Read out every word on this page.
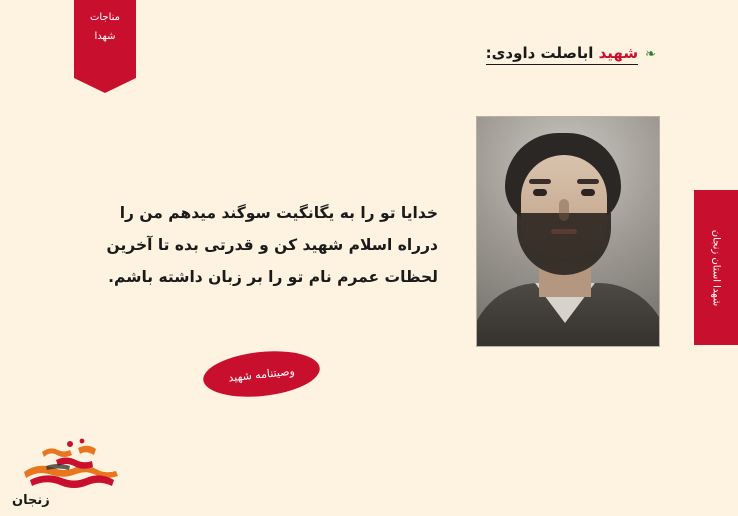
مناجات
شهدا
شهدا استان زنجان
❧
شهید اباصلت داودی:
خدایا تو را به یگانگیت سوگند میدهم من را درراه اسلام شهید کن و قدرتی بده تا آخرین لحظات عمرم نام تو را بر زبان داشته باشم.
وصیتنامه شهید
زنجان
